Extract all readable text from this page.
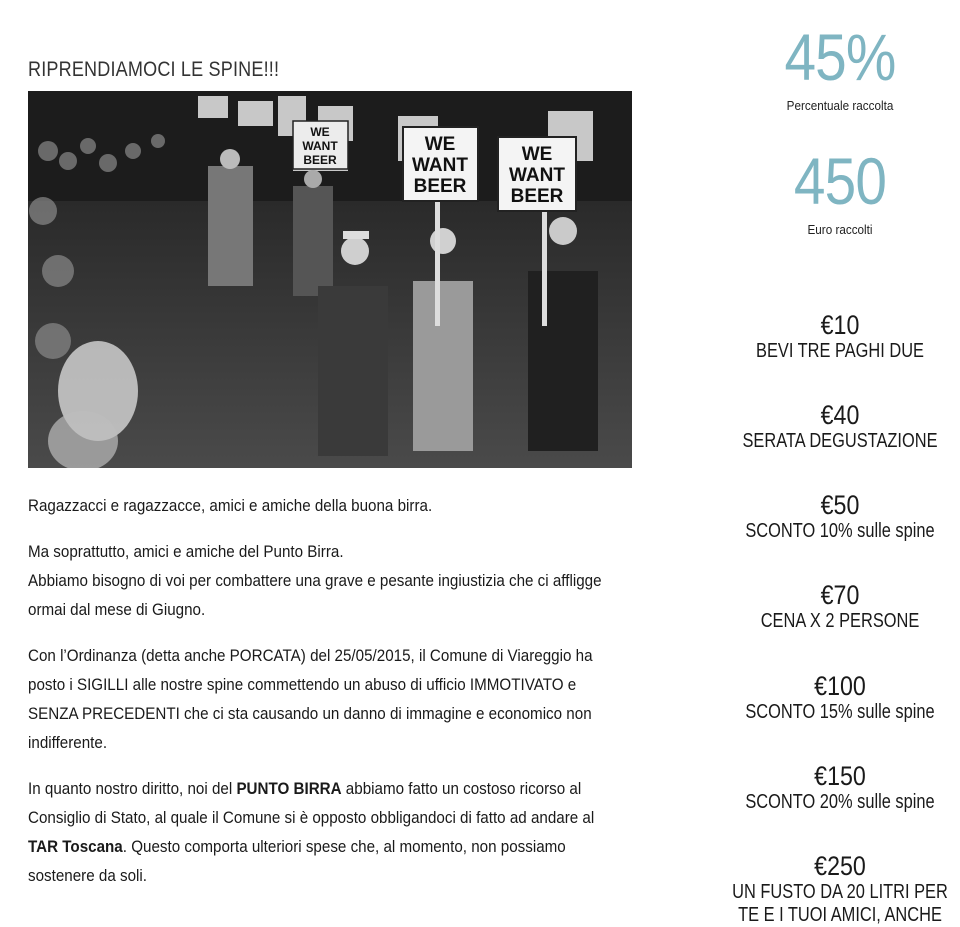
RIPRENDIAMOCI LE SPINE!!!
WE
WANT
BEER
WE
WANT
BEER
WE
WANT
BEER

Ragazzacci e ragazzacce, amici e amiche della buona birra.

Ma soprattutto, amici e amiche del Punto Birra.
Abbiamo bisogno di voi per combattere una grave e pesante ingiustizia che ci affligge
ormai dal mese di Giugno.

Con l’Ordinanza (detta anche PORCATA) del 25/05/2015, il Comune di Viareggio ha
posto i SIGILLI alle nostre spine commettendo un abuso di ufficio IMMOTIVATO e
SENZA PRECEDENTI che ci sta causando un danno di immagine e economico non
indifferente.

In quanto nostro diritto, noi del PUNTO BIRRA abbiamo fatto un costoso ricorso al
Consiglio di Stato, al quale il Comune si è opposto obbligandoci di fatto ad andare al
TAR Toscana. Questo comporta ulteriori spese che, al momento, non possiamo
sostenere da soli.

45%
Percentuale raccolta
450
Euro raccolti
€10
BEVI TRE PAGHI DUE
€40
SERATA DEGUSTAZIONE
€50
SCONTO 10% sulle spine
€70
CENA X 2 PERSONE
€100
SCONTO 15% sulle spine
€150
SCONTO 20% sulle spine
€250
UN FUSTO DA 20 LITRI PER
TE E I TUOI AMICI, ANCHE
